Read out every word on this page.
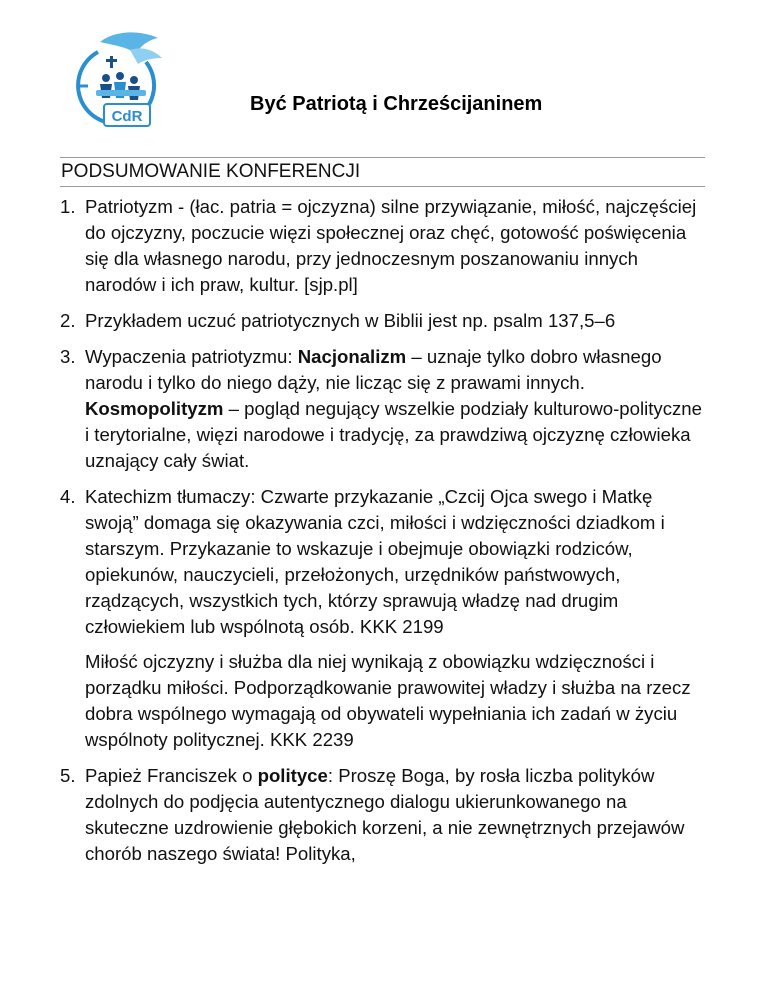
CdR
Być Patriotą i Chrześcijaninem
PODSUMOWANIE KONFERENCJI
1. Patriotyzm - (łac. patria = ojczyzna) silne przywiązanie, miłość, najczęściej do ojczyzny, poczucie więzi społecznej oraz chęć, gotowość poświęcenia się dla własnego narodu, przy jednoczesnym poszanowaniu innych narodów i ich praw, kultur. [sjp.pl]

2. Przykładem uczuć patriotycznych w Biblii jest np. psalm 137,5–6

3. Wypaczenia patriotyzmu: Nacjonalizm – uznaje tylko dobro własnego narodu i tylko do niego dąży, nie licząc się z prawami innych. Kosmopolityzm – pogląd negujący wszelkie podziały kulturowo-polityczne i terytorialne, więzi narodowe i tradycję, za prawdziwą ojczyznę człowieka uznający cały świat.

4. Katechizm tłumaczy: Czwarte przykazanie „Czcij Ojca swego i Matkę swoją” domaga się okazywania czci, miłości i wdzięczności dziadkom i starszym. Przykazanie to wskazuje i obejmuje obowiązki rodziców, opiekunów, nauczycieli, przełożonych, urzędników państwowych, rządzących, wszystkich tych, którzy sprawują władzę nad drugim człowiekiem lub wspólnotą osób. KKK 2199

Miłość ojczyzny i służba dla niej wynikają z obowiązku wdzięczności i porządku miłości. Podporządkowanie prawowitej władzy i służba na rzecz dobra wspólnego wymagają od obywateli wypełniania ich zadań w życiu wspólnoty politycznej. KKK 2239

5. Papież Franciszek o polityce: Proszę Boga, by rosła liczba polityków zdolnych do podjęcia autentycznego dialogu ukierunkowanego na skuteczne uzdrowienie głębokich korzeni, a nie zewnętrznych przejawów chorób naszego świata! Polityka,
